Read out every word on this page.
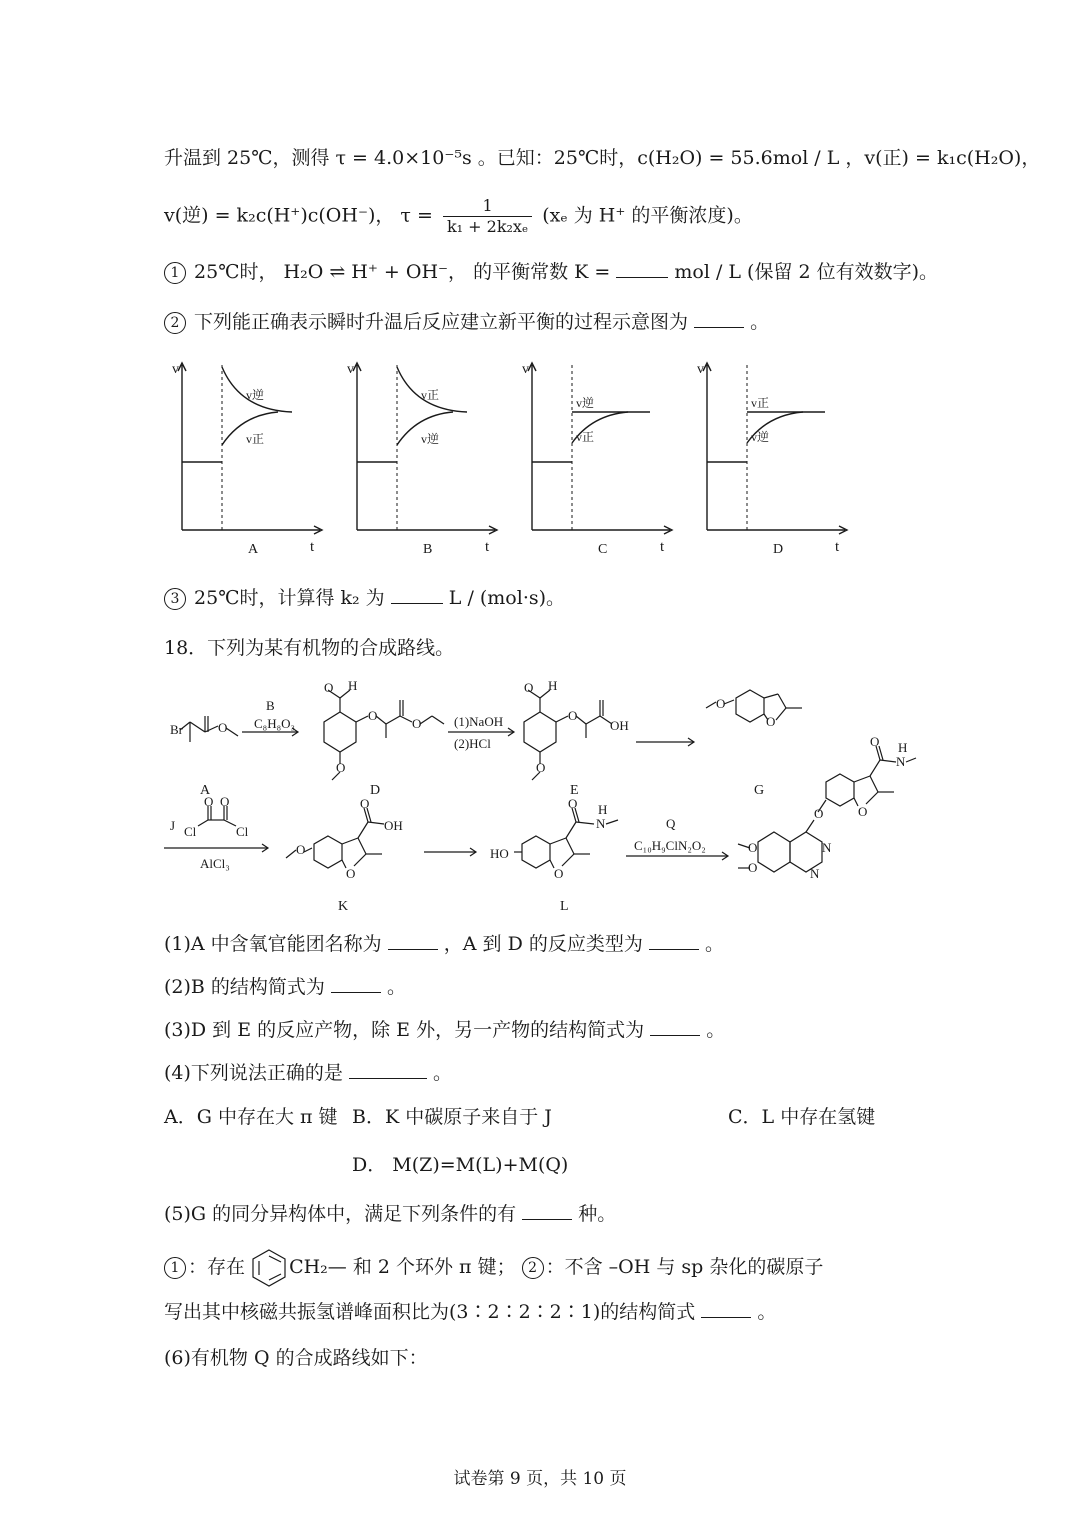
升温到 25℃，测得 τ = 4.0×10⁻⁵s 。已知：25℃时，c(H₂O) = 55.6mol / L ，v(正) = k₁c(H₂O)，
v(逆) = k₂c(H⁺)c(OH⁻)， $\tau = \frac{1}{\text{k₁ + 2k₂xₑ}} (x_e$ 为 H⁺ 的平衡浓度)。
1 25℃时， H₂O ⇌ H⁺ + OH⁻， 的平衡常数 K =	mol / L (保留 2 位有效数字)。
2 下列能正确表示瞬时升温后反应建立新平衡的过程示意图为	。
v
t
A
v逆
v正
v
t
B
v正
v逆
v
t
C
v逆
v正
v
t
D
v正
v逆
3 25℃时，计算得 k₂ 为	L / (mol·s)。
18．下列为某有机物的合成路线。
Br	O
A
B
C₈H₈O₃
O H
O
O
O
D
(1)NaOH
(2)HCl
O H
O
OH
O
E
O
O
G
J Cl
O O
Cl
AlCl₃
O
O
O
OH
K
HO
O
O
N
H
L
Q
C₁₀H₉ClN₂O₂	O
O
O
N
N
O
O
N
H
(1)A 中含氧官能团名称为	，A 到 D 的反应类型为	。
(2)B 的结构简式为	。
(3)D 到 E 的反应产物，除 E 外，另一产物的结构简式为	。
(4)下列说法正确的是	。
A．G 中存在大 π 键 B．K 中碳原子来自于 J	C．L 中存在氢键
D． M(Z)=M(L)+M(Q)
(5)G 的同分异构体中，满足下列条件的有	种。
1 ：存在 CH₂— 和 2 个环外 π 键； 2 ：不含 –OH 与 sp 杂化的碳原子
写出其中核磁共振氢谱峰面积比为(3∶2∶2∶2∶1)的结构简式	。
(6)有机物 Q 的合成路线如下：
试卷第 9 页，共 10 页
